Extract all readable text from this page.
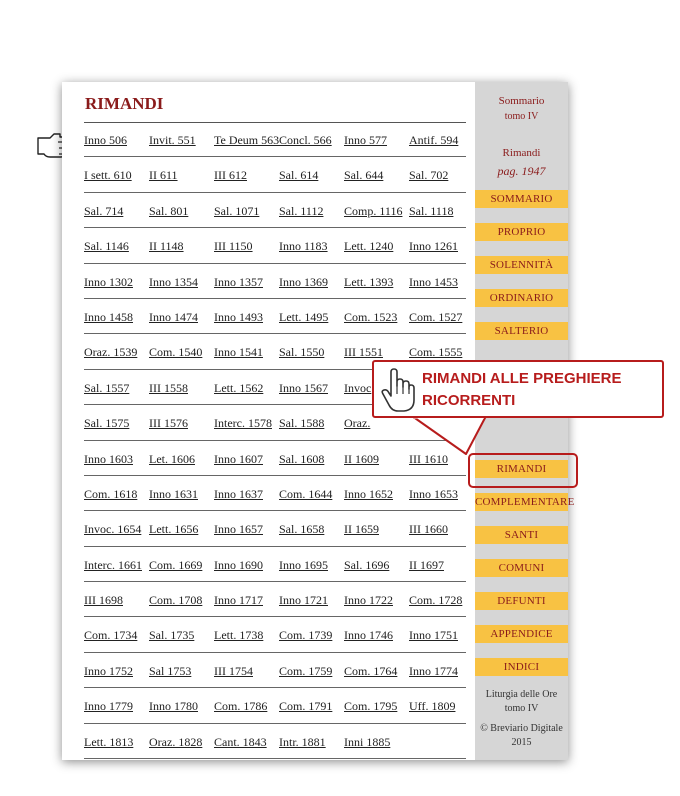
RIMANDI
Inno 506 Invit. 551 Te Deum 563 Concl. 566 Inno 577 Antif. 594
I sett. 610 II 611	III 612	Sal. 614 Sal. 644 Sal. 702
Sal. 714 Sal. 801 Sal. 1071 Sal. 1112 Comp. 1116 Sal. 1118
Sal. 1146 II 1148	III 1150 Inno 1183 Lett. 1240 Inno 1261
Inno 1302 Inno 1354 Inno 1357 Inno 1369 Lett. 1393 Inno 1453
Inno 1458 Inno 1474 Inno 1493 Lett. 1495 Com. 1523 Com. 1527
Oraz. 1539 Com. 1540 Inno 1541 Sal. 1550 III 1551 Com. 1555
Sal. 1557 III 1558 Lett. 1562 Inno 1567 Invoc
Sal. 1575 III 1576 Interc. 1578 Sal. 1588 Oraz.
Inno 1603 Let. 1606 Inno 1607 Sal. 1608 II 1609	III 1610
Com. 1618 Inno 1631 Inno 1637 Com. 1644 Inno 1652 Inno 1653
Invoc. 1654 Lett. 1656 Inno 1657 Sal. 1658 II 1659	III 1660
Interc. 1661 Com. 1669 Inno 1690 Inno 1695 Sal. 1696 II 1697
III 1698 Com. 1708 Inno 1717 Inno 1721 Inno 1722 Com. 1728
Com. 1734 Sal. 1735 Lett. 1738 Com. 1739 Inno 1746 Inno 1751
Inno 1752 Sal 1753 III 1754 Com. 1759 Com. 1764 Inno 1774
Inno 1779 Inno 1780 Com. 1786 Com. 1791 Com. 1795 Uff. 1809
Lett. 1813 Oraz. 1828 Cant. 1843 Intr. 1881 Inni 1885
Sommario
tomo IV
Rimandi
pag. 1947
SOMMARIO
PROPRIO
SOLENNITÀ
ORDINARIO
SALTERIO
RIMANDI
COMPLEMENTARE
SANTI
COMUNI
DEFUNTI
APPENDICE
INDICI
Liturgia delle Ore
tomo IV
© Breviario Digitale
2015
RIMANDI ALLE PREGHIERE
RICORRENTI
